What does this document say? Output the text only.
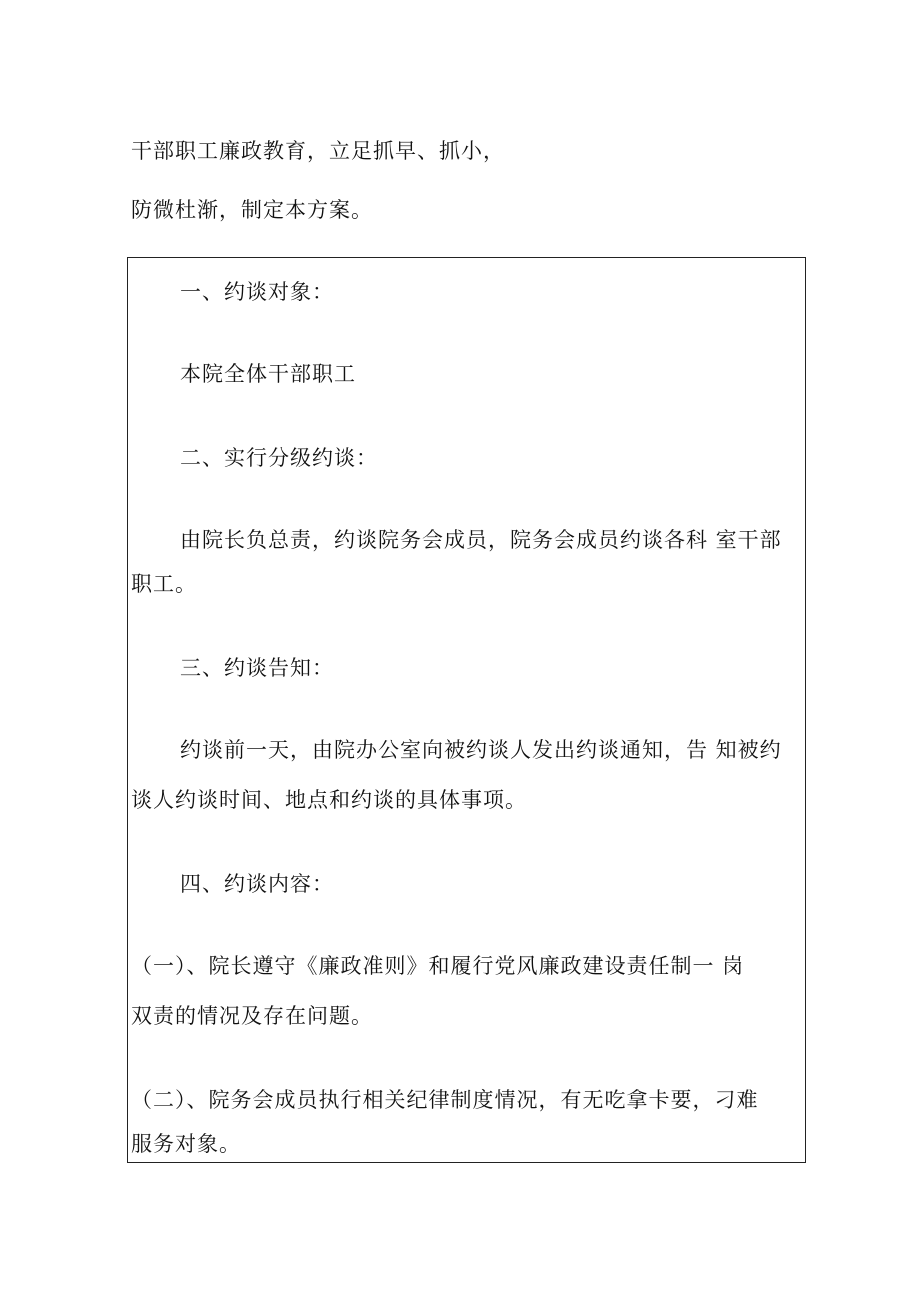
干部职工廉政教育，立足抓早、抓小，
防微杜渐，制定本方案。
一、约谈对象：
本院全体干部职工
二、实行分级约谈：
由院长负总责，约谈院务会成员，院务会成员约谈各科 室干部
职工。
三、约谈告知：
约谈前一天，由院办公室向被约谈人发出约谈通知，告 知被约
谈人约谈时间、地点和约谈的具体事项。
四、约谈内容：
（一）、院长遵守《廉政准则》和履行党风廉政建设责任制一 岗
双责的情况及存在问题。
（二）、院务会成员执行相关纪律制度情况，有无吃拿卡要，刁难
服务对象。
